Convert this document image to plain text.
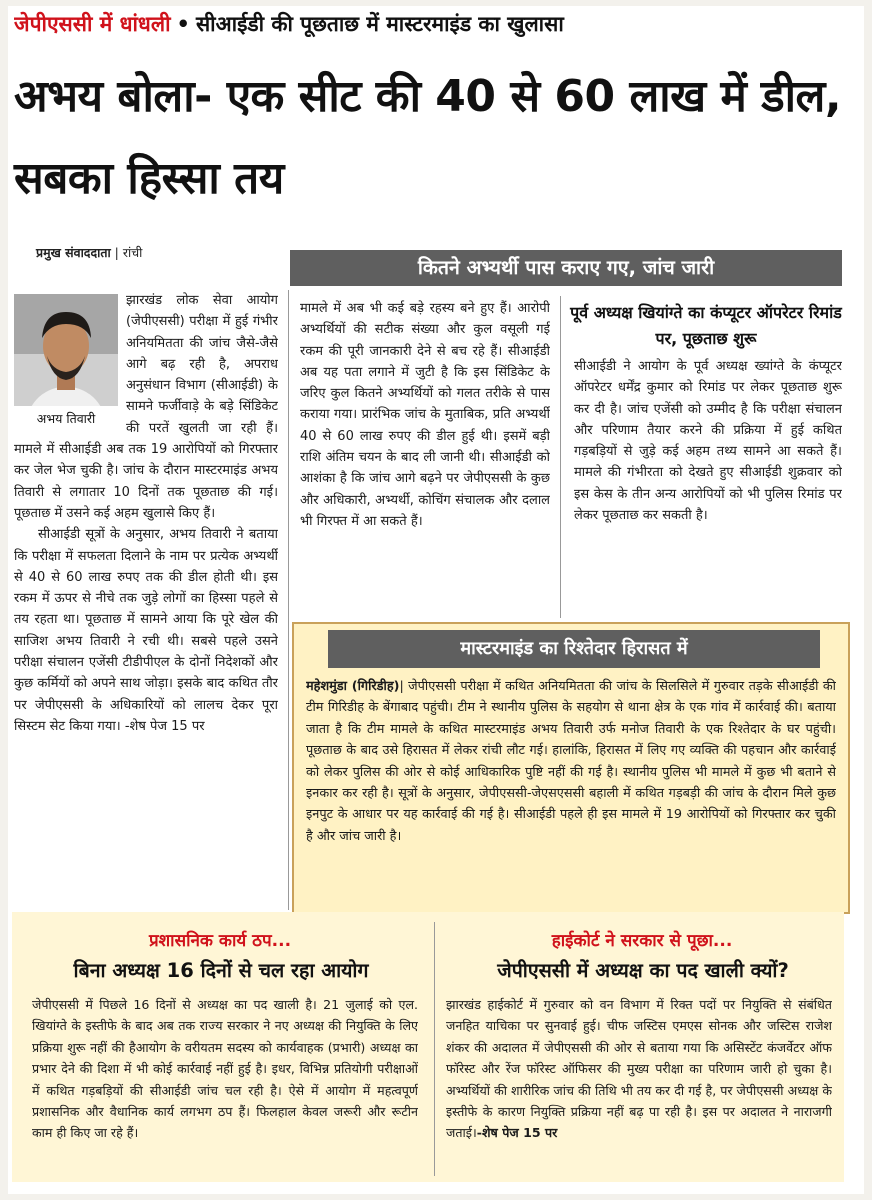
जेपीएससी में धांधली • सीआईडी की पूछताछ में मास्टरमाइंड का खुलासा
अभय बोला- एक सीट की 40 से 60 लाख में डील, सबका हिस्सा तय
प्रमुख संवाददाता | रांची
कितने अभ्यर्थी पास कराए गए, जांच जारी
अभय तिवारी

झारखंड लोक सेवा आयोग (जेपीएससी) परीक्षा में हुई गंभीर अनियमितता की जांच जैसे-जैसे आगे बढ़ रही है, अपराध अनुसंधान विभाग (सीआईडी) के सामने फर्जीवाड़े के बड़े सिंडिकेट की परतें खुलती जा रही हैं। मामले में सीआईडी अब तक 19 आरोपियों को गिरफ्तार कर जेल भेज चुकी है। जांच के दौरान मास्टरमाइंड अभय तिवारी से लगातार 10 दिनों तक पूछताछ की गई। पूछताछ में उसने कई अहम खुलासे किए हैं।

सीआईडी सूत्रों के अनुसार, अभय तिवारी ने बताया कि परीक्षा में सफलता दिलाने के नाम पर प्रत्येक अभ्यर्थी से 40 से 60 लाख रुपए तक की डील होती थी। इस रकम में ऊपर से नीचे तक जुड़े लोगों का हिस्सा पहले से तय रहता था। पूछताछ में सामने आया कि पूरे खेल की साजिश अभय तिवारी ने रची थी। सबसे पहले उसने परीक्षा संचालन एजेंसी टीडीपीएल के दोनों निदेशकों और कुछ कर्मियों को अपने साथ जोड़ा। इसके बाद कथित तौर पर जेपीएससी के अधिकारियों को लालच देकर पूरा सिस्टम सेट किया गया। -शेष पेज 15 पर

मामले में अब भी कई बड़े रहस्य बने हुए हैं। आरोपी अभ्यर्थियों की सटीक संख्या और कुल वसूली गई रकम की पूरी जानकारी देने से बच रहे हैं। सीआईडी अब यह पता लगाने में जुटी है कि इस सिंडिकेट के जरिए कुल कितने अभ्यर्थियों को गलत तरीके से पास कराया गया। प्रारंभिक जांच के मुताबिक, प्रति अभ्यर्थी 40 से 60 लाख रुपए की डील हुई थी। इसमें बड़ी राशि अंतिम चयन के बाद ली जानी थी। सीआईडी को आशंका है कि जांच आगे बढ़ने पर जेपीएससी के कुछ और अधिकारी, अभ्यर्थी, कोचिंग संचालक और दलाल भी गिरफ्त में आ सकते हैं।

पूर्व अध्यक्ष खियांग्ते का कंप्यूटर ऑपरेटर रिमांड पर, पूछताछ शुरू

सीआईडी ने आयोग के पूर्व अध्यक्ष ख्यांग्ते के कंप्यूटर ऑपरेटर धर्मेंद्र कुमार को रिमांड पर लेकर पूछताछ शुरू कर दी है। जांच एजेंसी को उम्मीद है कि परीक्षा संचालन और परिणाम तैयार करने की प्रक्रिया में हुई कथित गड़बड़ियों से जुड़े कई अहम तथ्य सामने आ सकते हैं। मामले की गंभीरता को देखते हुए सीआईडी शुक्रवार को इस केस के तीन अन्य आरोपियों को भी पुलिस रिमांड पर लेकर पूछताछ कर सकती है।

मास्टरमाइंड का रिश्तेदार हिरासत में
महेशमुंडा (गिरिडीह)| जेपीएससी परीक्षा में कथित अनियमितता की जांच के सिलसिले में गुरुवार तड़के सीआईडी की टीम गिरिडीह के बेंगाबाद पहुंची। टीम ने स्थानीय पुलिस के सहयोग से थाना क्षेत्र के एक गांव में कार्रवाई की। बताया जाता है कि टीम मामले के कथित मास्टरमाइंड अभय तिवारी उर्फ मनोज तिवारी के एक रिश्तेदार के घर पहुंची। पूछताछ के बाद उसे हिरासत में लेकर रांची लौट गई। हालांकि, हिरासत में लिए गए व्यक्ति की पहचान और कार्रवाई को लेकर पुलिस की ओर से कोई आधिकारिक पुष्टि नहीं की गई है। स्थानीय पुलिस भी मामले में कुछ भी बताने से इनकार कर रही है। सूत्रों के अनुसार, जेपीएससी-जेएसएससी बहाली में कथित गड़बड़ी की जांच के दौरान मिले कुछ इनपुट के आधार पर यह कार्रवाई की गई है। सीआईडी पहले ही इस मामले में 19 आरोपियों को गिरफ्तार कर चुकी है और जांच जारी है।
प्रशासनिक कार्य ठप...
बिना अध्यक्ष 16 दिनों से चल रहा आयोग
जेपीएससी में पिछले 16 दिनों से अध्यक्ष का पद खाली है। 21 जुलाई को एल. खियांग्ते के इस्तीफे के बाद अब तक राज्य सरकार ने नए अध्यक्ष की नियुक्ति के लिए प्रक्रिया शुरू नहीं की हैआयोग के वरीयतम सदस्य को कार्यवाहक (प्रभारी) अध्यक्ष का प्रभार देने की दिशा में भी कोई कार्रवाई नहीं हुई है। इधर, विभिन्न प्रतियोगी परीक्षाओं में कथित गड़बड़ियों की सीआईडी जांच चल रही है। ऐसे में आयोग में महत्वपूर्ण प्रशासनिक और वैधानिक कार्य लगभग ठप हैं। फिलहाल केवल जरूरी और रूटीन काम ही किए जा रहे हैं।
हाईकोर्ट ने सरकार से पूछा...
जेपीएससी में अध्यक्ष का पद खाली क्यों?
झारखंड हाईकोर्ट में गुरुवार को वन विभाग में रिक्त पदों पर नियुक्ति से संबंधित जनहित याचिका पर सुनवाई हुई। चीफ जस्टिस एमएस सोनक और जस्टिस राजेश शंकर की अदालत में जेपीएससी की ओर से बताया गया कि असिस्टेंट कंजर्वेटर ऑफ फॉरेस्ट और रेंज फॉरेस्ट ऑफिसर की मुख्य परीक्षा का परिणाम जारी हो चुका है। अभ्यर्थियों की शारीरिक जांच की तिथि भी तय कर दी गई है, पर जेपीएससी अध्यक्ष के इस्तीफे के कारण नियुक्ति प्रक्रिया नहीं बढ़ पा रही है। इस पर अदालत ने नाराजगी जताई।-शेष पेज 15 पर
